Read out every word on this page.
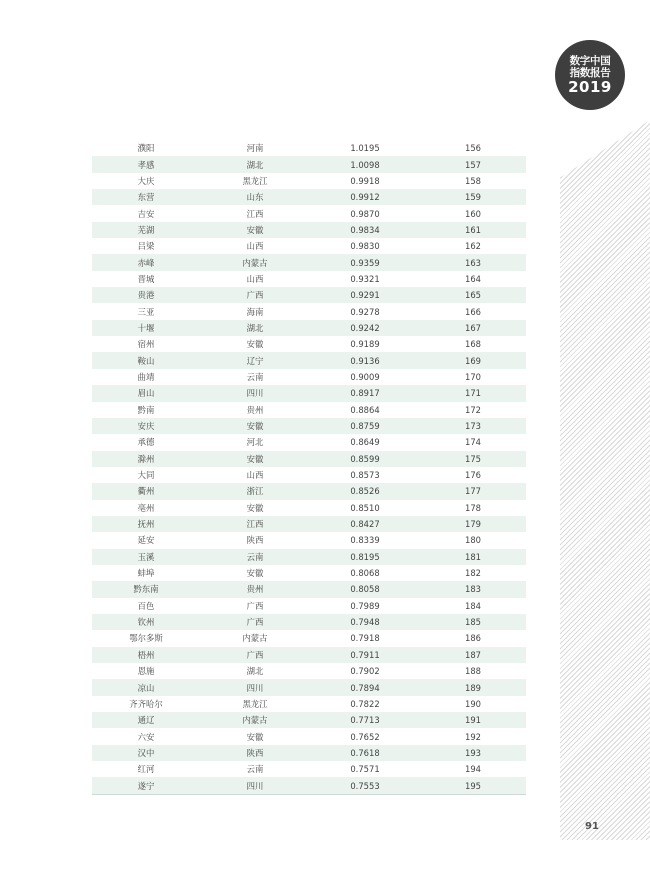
数字中国
指数报告
2019
濮阳	河南	1.0195	156
孝感	湖北	1.0098	157
大庆	黑龙江	0.9918	158
东营	山东	0.9912	159
吉安	江西	0.9870	160
芜湖	安徽	0.9834	161
吕梁	山西	0.9830	162
赤峰	内蒙古	0.9359	163
晋城	山西	0.9321	164
贵港	广西	0.9291	165
三亚	海南	0.9278	166
十堰	湖北	0.9242	167
宿州	安徽	0.9189	168
鞍山	辽宁	0.9136	169
曲靖	云南	0.9009	170
眉山	四川	0.8917	171
黔南	贵州	0.8864	172
安庆	安徽	0.8759	173
承德	河北	0.8649	174
滁州	安徽	0.8599	175
大同	山西	0.8573	176
衢州	浙江	0.8526	177
亳州	安徽	0.8510	178
抚州	江西	0.8427	179
延安	陕西	0.8339	180
玉溪	云南	0.8195	181
蚌埠	安徽	0.8068	182
黔东南	贵州	0.8058	183
百色	广西	0.7989	184
钦州	广西	0.7948	185
鄂尔多斯	内蒙古	0.7918	186
梧州	广西	0.7911	187
恩施	湖北	0.7902	188
凉山	四川	0.7894	189
齐齐哈尔	黑龙江	0.7822	190
通辽	内蒙古	0.7713	191
六安	安徽	0.7652	192
汉中	陕西	0.7618	193
红河	云南	0.7571	194
遂宁	四川	0.7553	195
91
